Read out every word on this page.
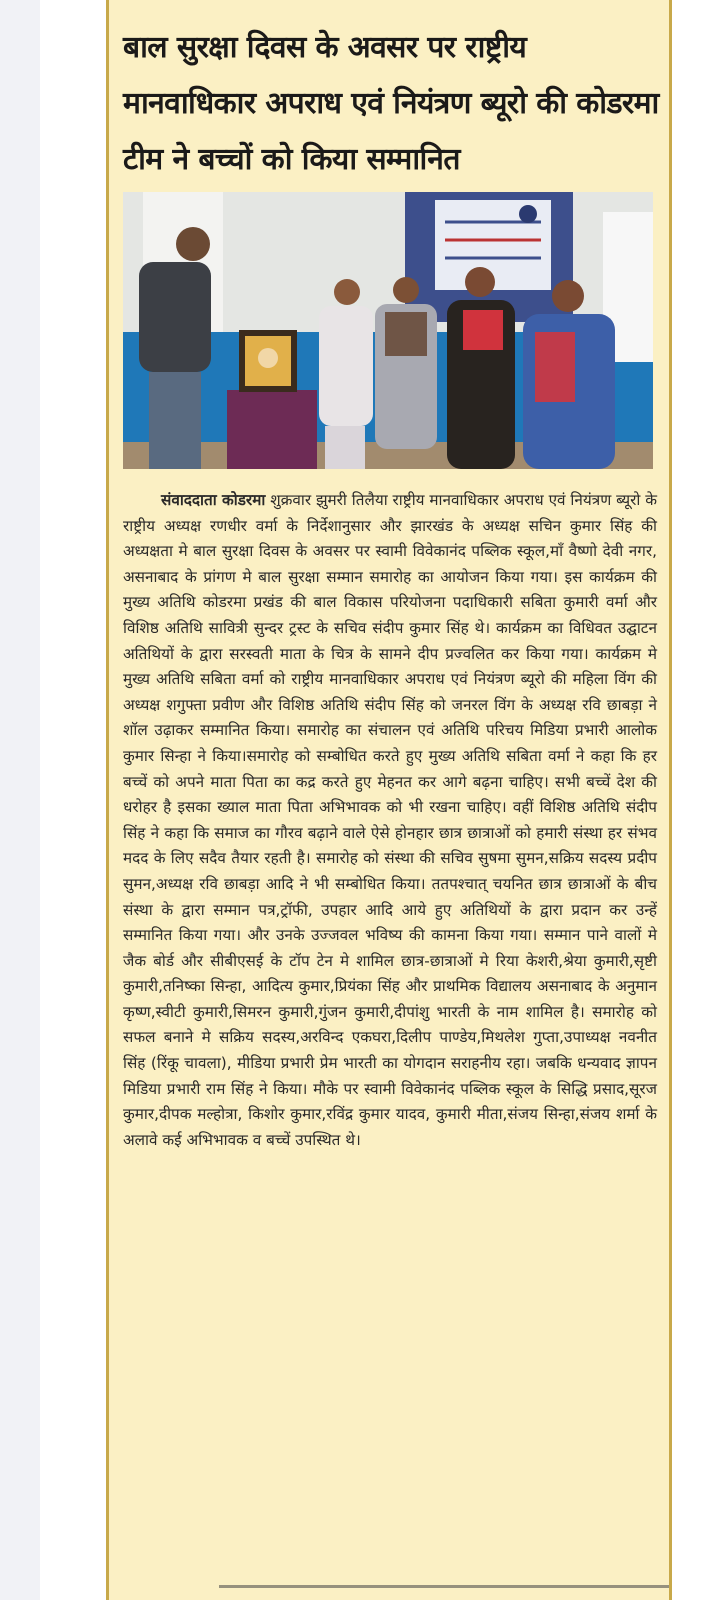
बाल सुरक्षा दिवस के अवसर पर राष्ट्रीय मानवाधिकार अपराध एवं नियंत्रण ब्यूरो की कोडरमा टीम ने बच्चों को किया सम्मानित

संवाददाता कोडरमा शुक्रवार झुमरी तिलैया राष्ट्रीय मानवाधिकार अपराध एवं नियंत्रण ब्यूरो के राष्ट्रीय अध्यक्ष रणधीर वर्मा के निर्देशानुसार और झारखंड के अध्यक्ष सचिन कुमार सिंह की अध्यक्षता मे बाल सुरक्षा दिवस के अवसर पर स्वामी विवेकानंद पब्लिक स्कूल,माँ वैष्णो देवी नगर, असनाबाद के प्रांगण मे बाल सुरक्षा सम्मान समारोह का आयोजन किया गया। इस कार्यक्रम की मुख्य अतिथि कोडरमा प्रखंड की बाल विकास परियोजना पदाधिकारी सबिता कुमारी वर्मा और विशिष्ठ अतिथि सावित्री सुन्दर ट्रस्ट के सचिव संदीप कुमार सिंह थे। कार्यक्रम का विधिवत उद्घाटन अतिथियों के द्वारा सरस्वती माता के चित्र के सामने दीप प्रज्वलित कर किया गया। कार्यक्रम मे मुख्य अतिथि सबिता वर्मा को राष्ट्रीय मानवाधिकार अपराध एवं नियंत्रण ब्यूरो की महिला विंग की अध्यक्ष शगुफ्ता प्रवीण और विशिष्ठ अतिथि संदीप सिंह को जनरल विंग के अध्यक्ष रवि छाबड़ा ने शॉल उढ़ाकर सम्मानित किया। समारोह का संचालन एवं अतिथि परिचय मिडिया प्रभारी आलोक कुमार सिन्हा ने किया।समारोह को सम्बोधित करते हुए मुख्य अतिथि सबिता वर्मा ने कहा कि हर बच्चें को अपने माता पिता का कद्र करते हुए मेहनत कर आगे बढ़ना चाहिए। सभी बच्चें देश की धरोहर है इसका ख्याल माता पिता अभिभावक को भी रखना चाहिए। वहीं विशिष्ठ अतिथि संदीप सिंह ने कहा कि समाज का गौरव बढ़ाने वाले ऐसे होनहार छात्र छात्राओं को हमारी संस्था हर संभव मदद के लिए सदैव तैयार रहती है। समारोह को संस्था की सचिव सुषमा सुमन,सक्रिय सदस्य प्रदीप सुमन,अध्यक्ष रवि छाबड़ा आदि ने भी सम्बोधित किया। ततपश्चात् चयनित छात्र छात्राओं के बीच संस्था के द्वारा सम्मान पत्र,ट्रॉफी, उपहार आदि आये हुए अतिथियों के द्वारा प्रदान कर उन्हें सम्मानित किया गया। और उनके उज्जवल भविष्य की कामना किया गया। सम्मान पाने वालों मे जैक बोर्ड और सीबीएसई के टॉप टेन मे शामिल छात्र-छात्राओं मे रिया केशरी,श्रेया कुमारी,सृष्टी कुमारी,तनिष्का सिन्हा, आदित्य कुमार,प्रियंका सिंह और प्राथमिक विद्यालय असनाबाद के अनुमान कृष्ण,स्वीटी कुमारी,सिमरन कुमारी,गुंजन कुमारी,दीपांशु भारती के नाम शामिल है। समारोह को सफल बनाने मे सक्रिय सदस्य,अरविन्द एकघरा,दिलीप पाण्डेय,मिथलेश गुप्ता,उपाध्यक्ष नवनीत सिंह (रिंकू चावला), मीडिया प्रभारी प्रेम भारती का योगदान सराहनीय रहा। जबकि धन्यवाद ज्ञापन मिडिया प्रभारी राम सिंह ने किया। मौके पर स्वामी विवेकानंद पब्लिक स्कूल के सिद्धि प्रसाद,सूरज कुमार,दीपक मल्होत्रा, किशोर कुमार,रविंद्र कुमार यादव, कुमारी मीता,संजय सिन्हा,संजय शर्मा के अलावे कई अभिभावक व बच्चें उपस्थित थे।
